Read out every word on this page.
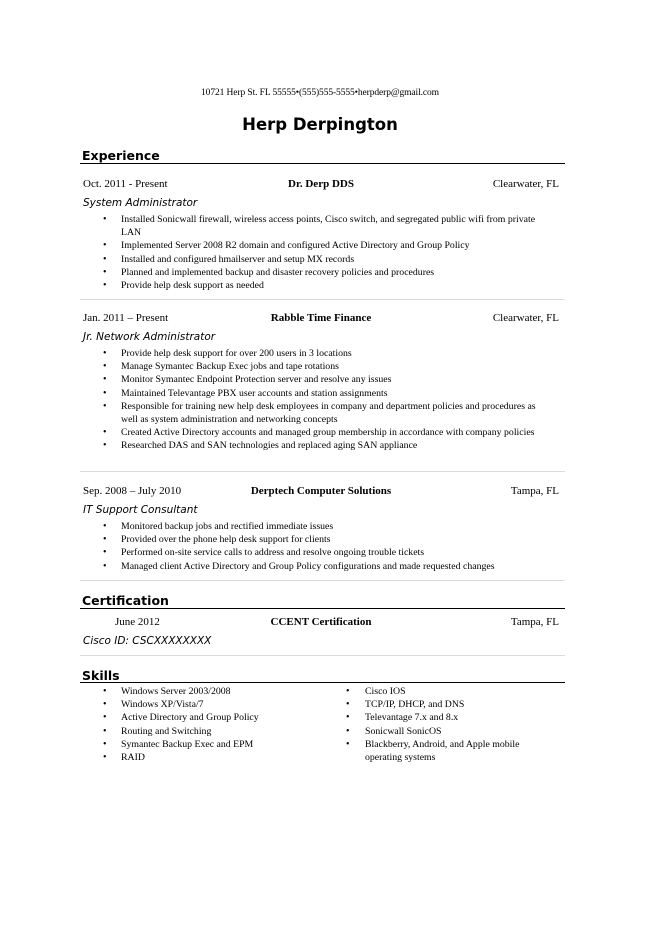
10721 Herp St. FL 55555•(555)555-5555•herpderp@gmail.com
Herp Derpington
Experience
Oct. 2011 - Present	Dr. Derp DDS	Clearwater, FL
System Administrator
• Installed Sonicwall firewall, wireless access points, Cisco switch, and segregated public wifi from private LAN
• Implemented Server 2008 R2 domain and configured Active Directory and Group Policy
• Installed and configured hmailserver and setup MX records
• Planned and implemented backup and disaster recovery policies and procedures
• Provide help desk support as needed
Jan. 2011 – Present	Rabble Time Finance	Clearwater, FL
Jr. Network Administrator
• Provide help desk support for over 200 users in 3 locations
• Manage Symantec Backup Exec jobs and tape rotations
• Monitor Symantec Endpoint Protection server and resolve any issues
• Maintained Televantage PBX user accounts and station assignments
• Responsible for training new help desk employees in company and department policies and procedures as well as system administration and networking concepts
• Created Active Directory accounts and managed group membership in accordance with company policies
• Researched DAS and SAN technologies and replaced aging SAN appliance
Sep. 2008 – July 2010	Derptech Computer Solutions	Tampa, FL
IT Support Consultant
• Monitored backup jobs and rectified immediate issues
• Provided over the phone help desk support for clients
• Performed on-site service calls to address and resolve ongoing trouble tickets
• Managed client Active Directory and Group Policy configurations and made requested changes
Certification
June 2012	CCENT Certification	Tampa, FL
Cisco ID: CSCXXXXXXXX
Skills
• Windows Server 2003/2008
• Windows XP/Vista/7
• Active Directory and Group Policy
• Routing and Switching
• Symantec Backup Exec and EPM
• RAID
• Cisco IOS
• TCP/IP, DHCP, and DNS
• Televantage 7.x and 8.x
• Sonicwall SonicOS
• Blackberry, Android, and Apple mobile operating systems
